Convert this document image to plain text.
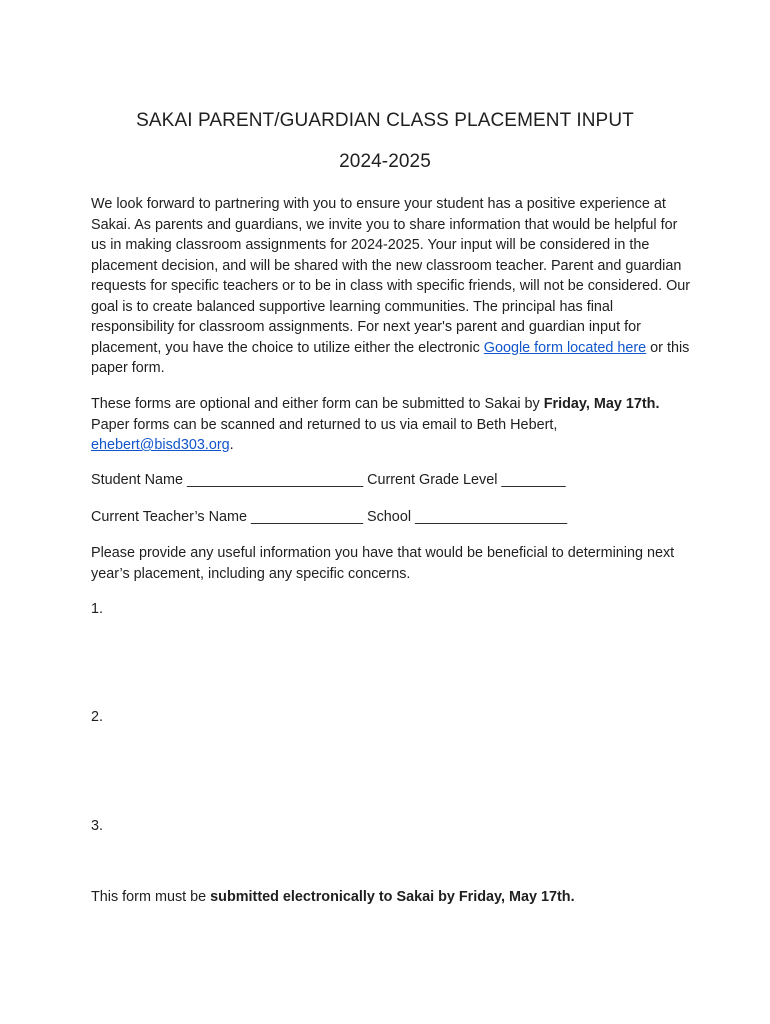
SAKAI PARENT/GUARDIAN CLASS PLACEMENT INPUT
2024-2025
We look forward to partnering with you to ensure your student has a positive experience at Sakai. As parents and guardians, we invite you to share information that would be helpful for us in making classroom assignments for 2024-2025. Your input will be considered in the placement decision, and will be shared with the new classroom teacher. Parent and guardian requests for specific teachers or to be in class with specific friends, will not be considered. Our goal is to create balanced supportive learning communities. The principal has final responsibility for classroom assignments. For next year's parent and guardian input for placement, you have the choice to utilize either the electronic Google form located here or this paper form.
These forms are optional and either form can be submitted to Sakai by Friday, May 17th. Paper forms can be scanned and returned to us via email to Beth Hebert, ehebert@bisd303.org.
Student Name ______________________ Current Grade Level ________
Current Teacher’s Name ______________ School ___________________
Please provide any useful information you have that would be beneficial to determining next year’s placement, including any specific concerns.
1.
2.
3.
This form must be submitted electronically to Sakai by Friday, May 17th.
